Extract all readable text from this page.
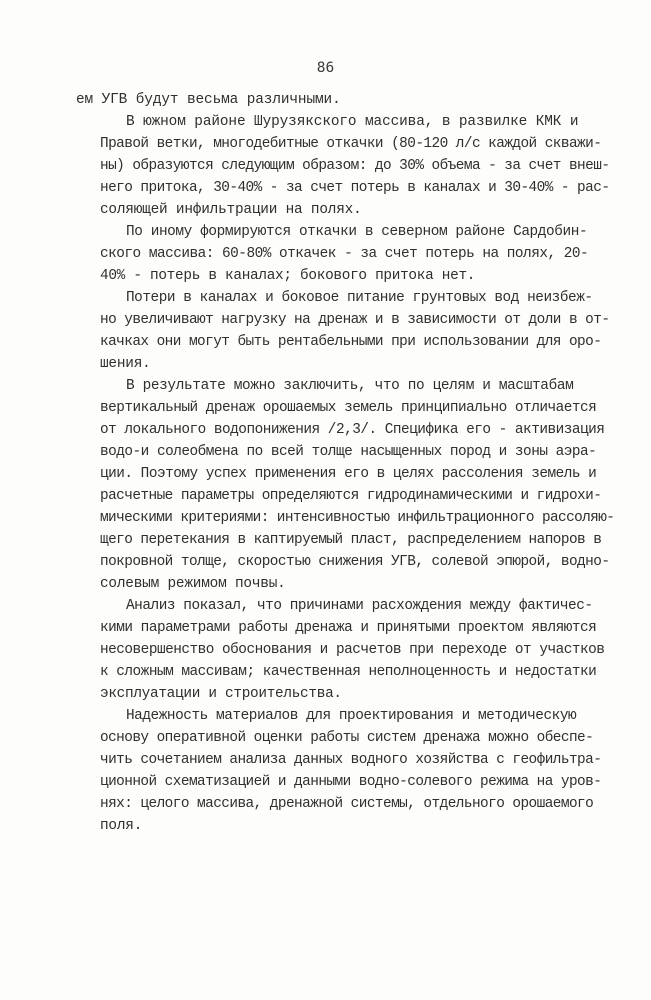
86
ем УГВ будут весьма различными.
В южном районе Шурузякского массива, в развилке КМК и
Правой ветки, многодебитные откачки (80-120 л/с каждой скважи-
ны) образуются следующим образом: до 30% объема - за счет внеш-
него притока, 30-40% - за счет потерь в каналах и 30-40% - рас-
соляющей инфильтрации на полях.
По иному формируются откачки в северном районе Сардобин-
ского массива: 60-80% откачек - за счет потерь на полях, 20-
40% - потерь в каналах; бокового притока нет.
Потери в каналах и боковое питание грунтовых вод неизбеж-
но увеличивают нагрузку на дренаж и в зависимости от доли в от-
качках они могут быть рентабельными при использовании для оро-
шения.
В результате можно заключить, что по целям и масштабам
вертикальный дренаж орошаемых земель принципиально отличается
от локального водопонижения /2,3/. Специфика его - активизация
водо-и солеобмена по всей толще насыщенных пород и зоны аэра-
ции. Поэтому успех применения его в целях рассоления земель и
расчетные параметры определяются гидродинамическими и гидрохи-
мическими критериями: интенсивностью инфильтрационного рассоляю-
щего перетекания в каптируемый пласт, распределением напоров в
покровной толще, скоростью снижения УГВ, солевой эпюрой, водно-
солевым режимом почвы.
Анализ показал, что причинами расхождения между фактичес-
кими параметрами работы дренажа и принятыми проектом являются
несовершенство обоснования и расчетов при переходе от участков
к сложным массивам; качественная неполноценность и недостатки
эксплуатации и строительства.
Надежность материалов для проектирования и методическую
основу оперативной оценки работы систем дренажа можно обеспе-
чить сочетанием анализа данных водного хозяйства с геофильтра-
ционной схематизацией и данными водно-солевого режима на уров-
нях: целого массива, дренажной системы, отдельного орошаемого
поля.
